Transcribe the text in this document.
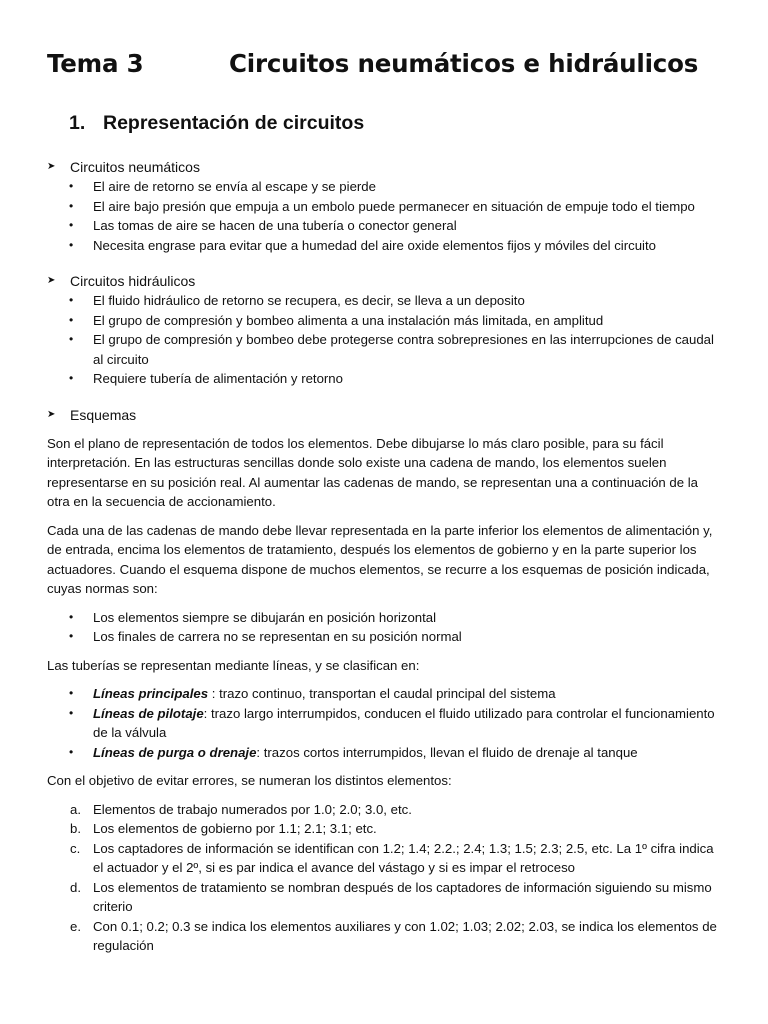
Tema 3	Circuitos neumáticos e hidráulicos
1. Representación de circuitos
➤	Circuitos neumáticos
• El aire de retorno se envía al escape y se pierde
• El aire bajo presión que empuja a un embolo puede permanecer en situación de empuje todo el tiempo
• Las tomas de aire se hacen de una tubería o conector general
• Necesita engrase para evitar que a humedad del aire oxide elementos fijos y móviles del circuito
➤	Circuitos hidráulicos
• El fluido hidráulico de retorno se recupera, es decir, se lleva a un deposito
• El grupo de compresión y bombeo alimenta a una instalación más limitada, en amplitud
• El grupo de compresión y bombeo debe protegerse contra sobrepresiones en las interrupciones de caudal al circuito
• Requiere tubería de alimentación y retorno
➤	Esquemas

Son el plano de representación de todos los elementos. Debe dibujarse lo más claro posible, para su fácil interpretación. En las estructuras sencillas donde solo existe una cadena de mando, los elementos suelen representarse en su posición real. Al aumentar las cadenas de mando, se representan una a continuación de la otra en la secuencia de accionamiento.

Cada una de las cadenas de mando debe llevar representada en la parte inferior los elementos de alimentación y, de entrada, encima los elementos de tratamiento, después los elementos de gobierno y en la parte superior los actuadores. Cuando el esquema dispone de muchos elementos, se recurre a los esquemas de posición indicada, cuyas normas son:

• Los elementos siempre se dibujarán en posición horizontal
• Los finales de carrera no se representan en su posición normal

Las tuberías se representan mediante líneas, y se clasifican en:

• Líneas principales : trazo continuo, transportan el caudal principal del sistema
• Líneas de pilotaje: trazo largo interrumpidos, conducen el fluido utilizado para controlar el funcionamiento de la válvula
• Líneas de purga o drenaje: trazos cortos interrumpidos, llevan el fluido de drenaje al tanque

Con el objetivo de evitar errores, se numeran los distintos elementos:

a. Elementos de trabajo numerados por 1.0; 2.0; 3.0, etc.
b. Los elementos de gobierno por 1.1; 2.1; 3.1; etc.
c. Los captadores de información se identifican con 1.2; 1.4; 2.2.; 2.4; 1.3; 1.5; 2.3; 2.5, etc. La 1º cifra indica el actuador y el 2º, si es par indica el avance del vástago y si es impar el retroceso
d. Los elementos de tratamiento se nombran después de los captadores de información siguiendo su mismo criterio
e. Con 0.1; 0.2; 0.3 se indica los elementos auxiliares y con 1.02; 1.03; 2.02; 2.03, se indica los elementos de regulación
